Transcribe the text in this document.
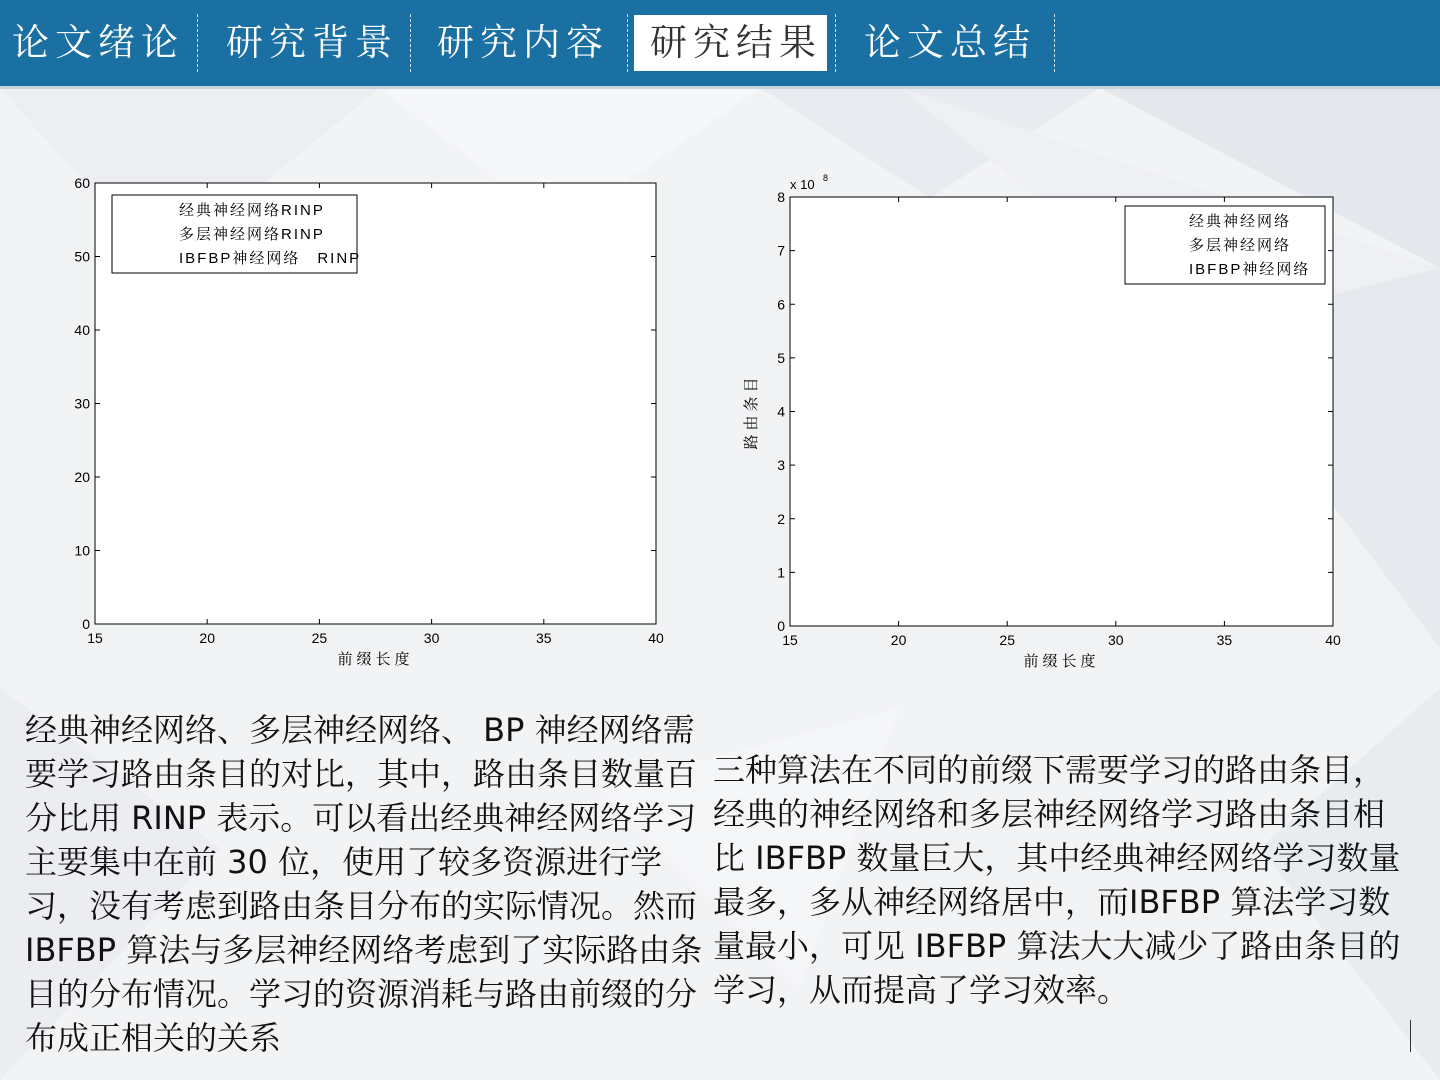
论文绪论 研究背景 研究内容	研究结果 论文总结
15	20	25	30	35	40
0
10
20
30
40
50
60
前缀长度
经典神经网络RINP
多层神经网络RINP
IBFBP神经网络　RINP
15	20	25	30	35	40
0
1
2
3
4
5
6
7
8
前缀长度
路由条目
x 10 8
经典神经网络
多层神经网络
IBFBP神经网络

经典神经网络、多层神经网络、 BP 神经网络需要学习路由条目的对比，其中，路由条目数量百分比用 RINP 表示。可以看出经典神经网络学习主要集中在前 30 位，使用了较多资源进行学习，没有考虑到路由条目分布的实际情况。然而 IBFBP 算法与多层神经网络考虑到了实际路由条目的分布情况。学习的资源消耗与路由前缀的分布成正相关的关系

三种算法在不同的前缀下需要学习的路由条目，经典的神经网络和多层神经网络学习路由条目相比 IBFBP 数量巨大，其中经典神经网络学习数量最多，多从神经网络居中，而IBFBP 算法学习数量最小，可见 IBFBP 算法大大减少了路由条目的学习，从而提高了学习效率。
